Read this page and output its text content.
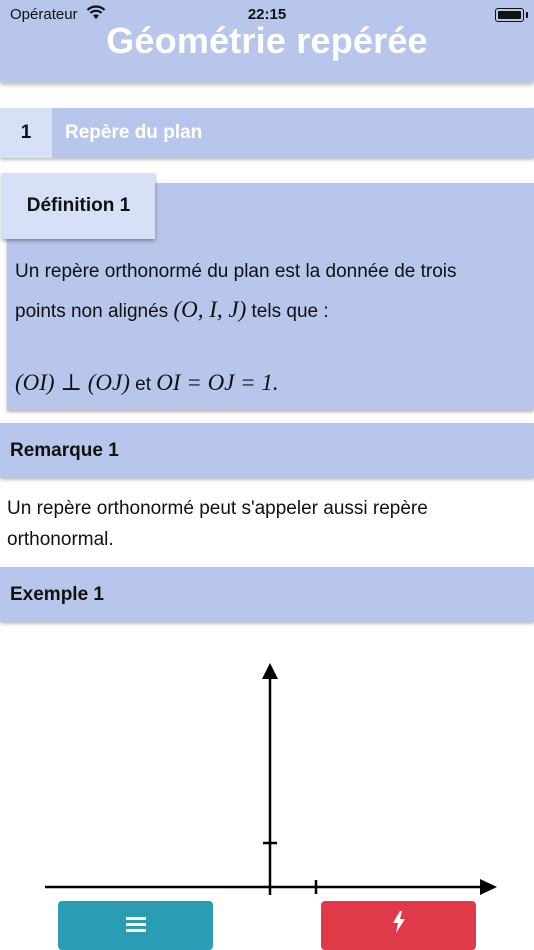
Opérateur	22:15
Géométrie repérée
1	Repère du plan
Définition 1
Un repère orthonormé du plan est la donnée de trois
points non alignés (O, I, J) tels que :
(OI) ⊥ (OJ) et OI = OJ = 1.
Remarque 1
Un repère orthonormé peut s'appeler aussi repère orthonormal.
Exemple 1
